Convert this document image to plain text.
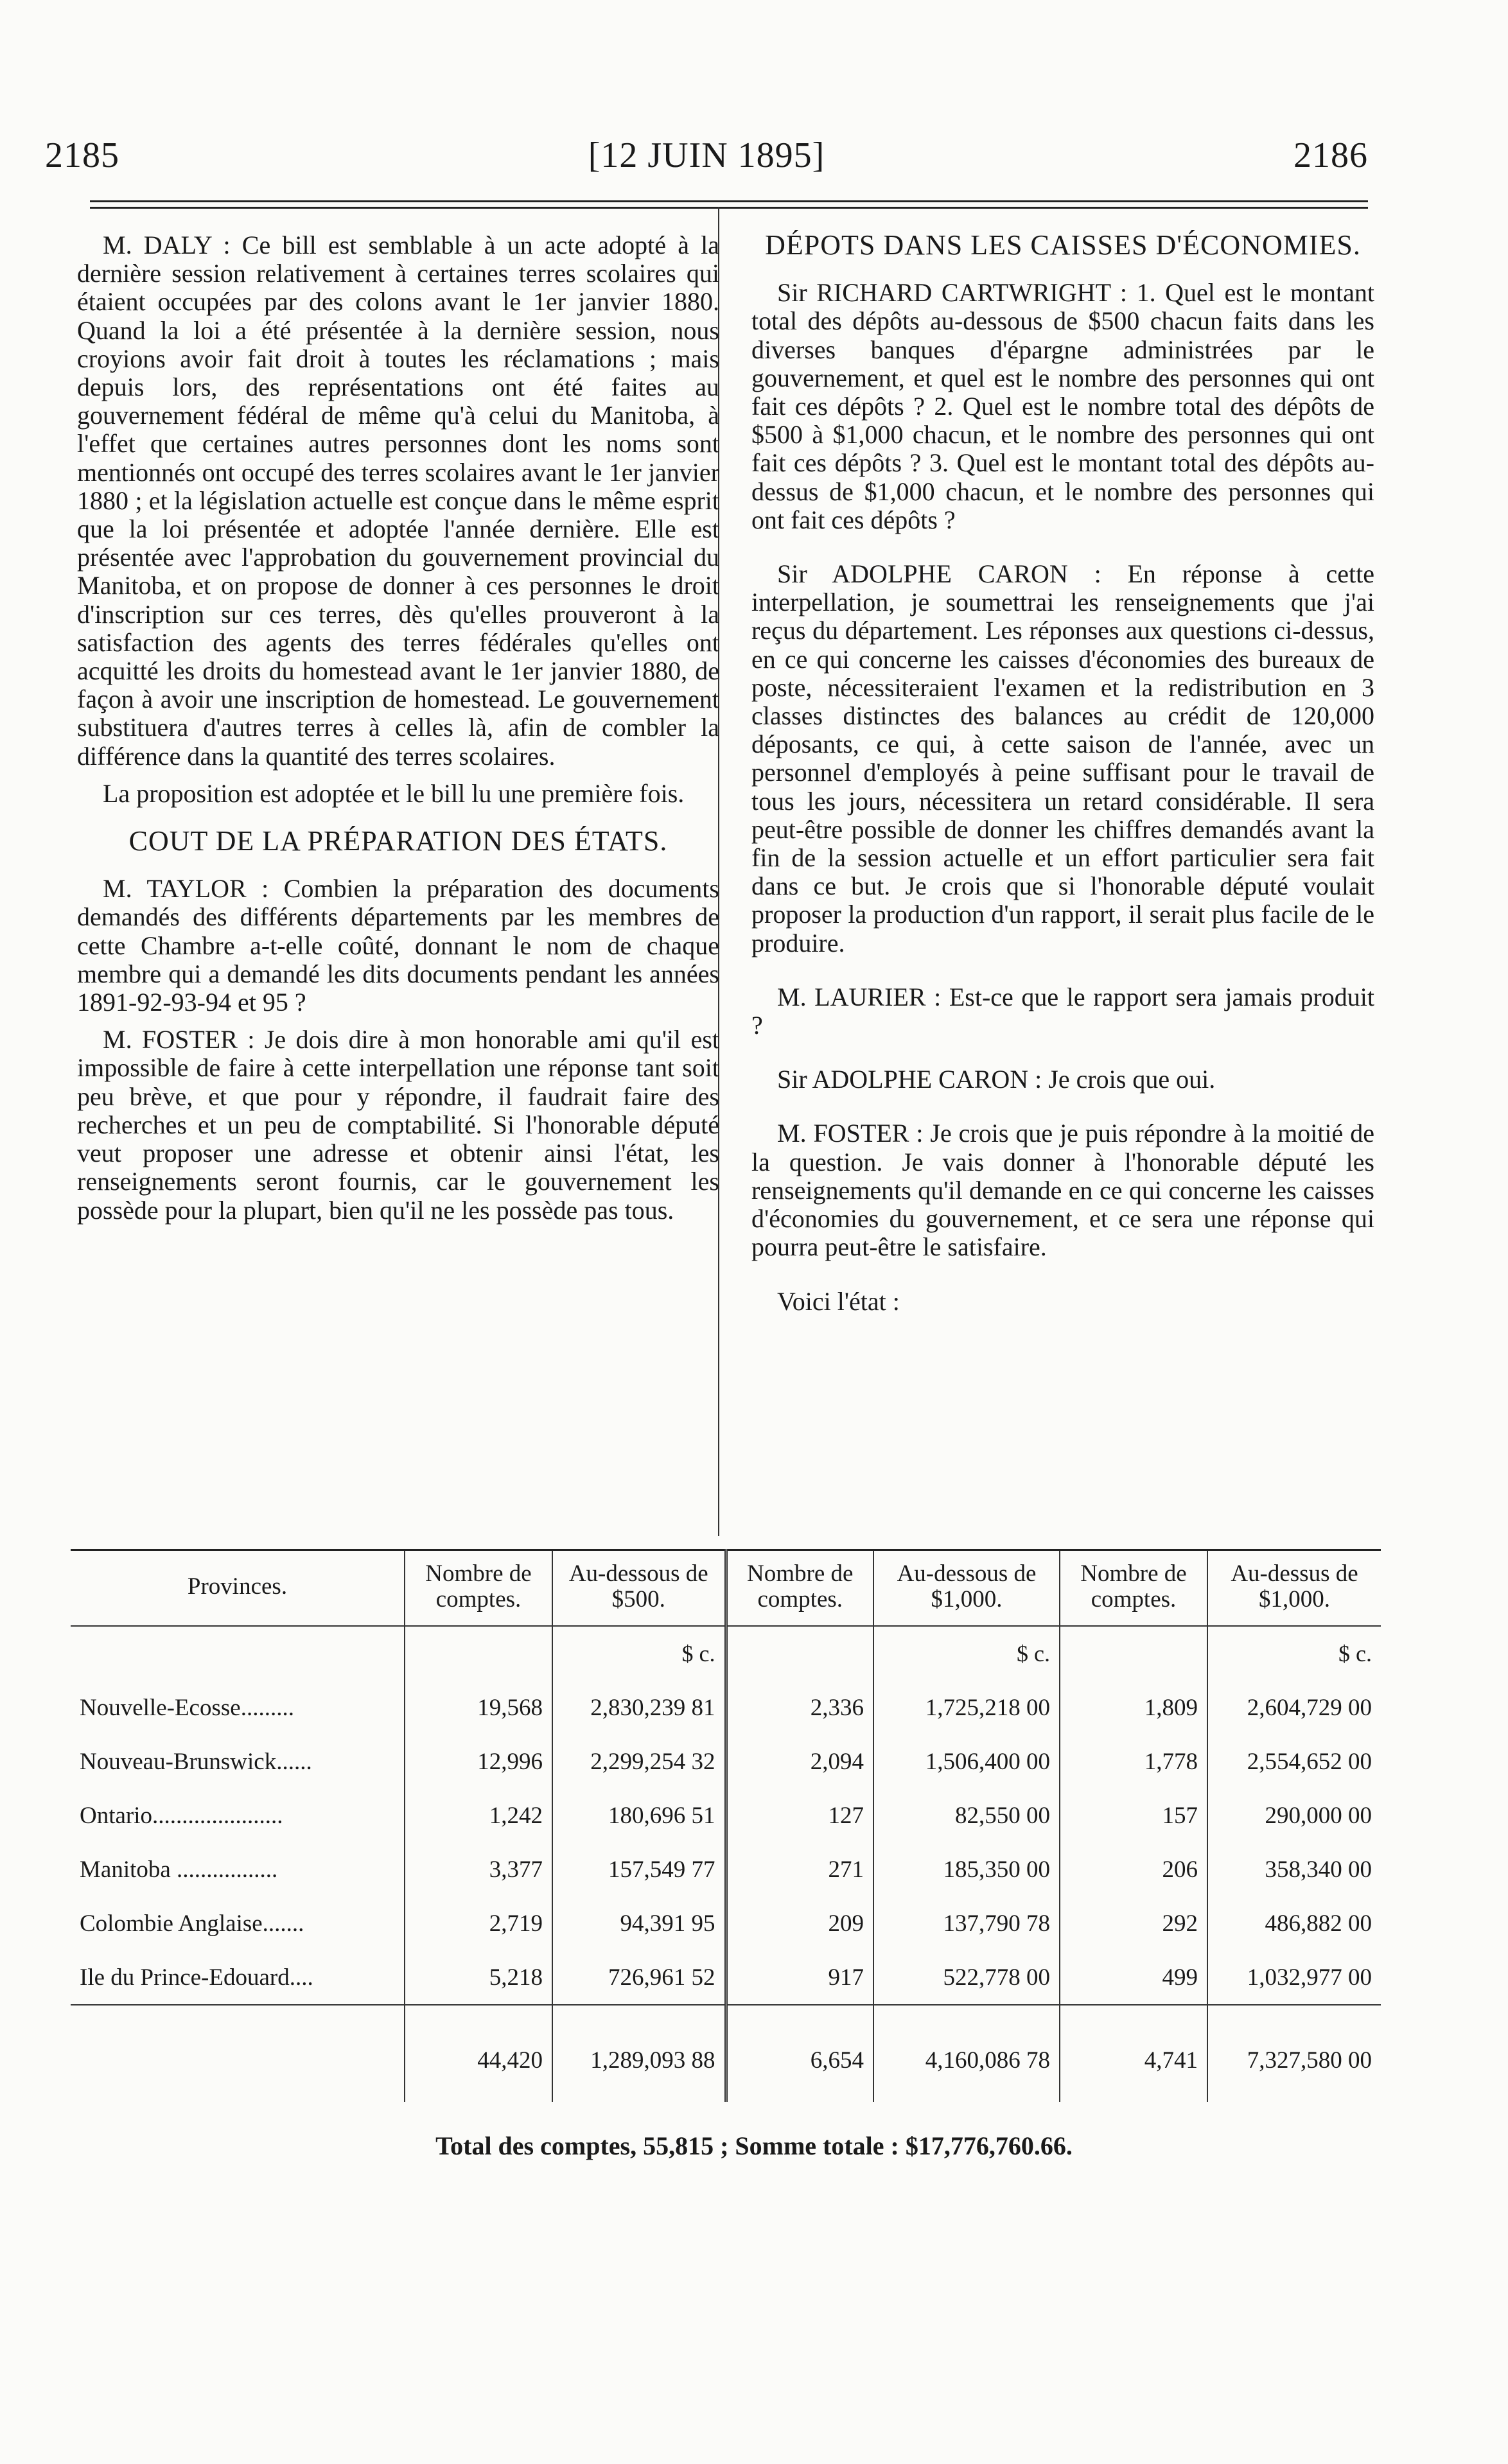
2185	[12 JUIN 1895]	2186

M. DALY : Ce bill est semblable à un acte adopté à la dernière session relativement à certaines terres scolaires qui étaient occupées par des colons avant le 1er janvier 1880. Quand la loi a été présentée à la dernière session, nous croyions avoir fait droit à toutes les réclamations ; mais depuis lors, des représentations ont été faites au gouvernement fédéral de même qu'à celui du Manitoba, à l'effet que certaines autres personnes dont les noms sont mentionnés ont occupé des terres scolaires avant le 1er janvier 1880 ; et la législation actuelle est conçue dans le même esprit que la loi présentée et adoptée l'année dernière. Elle est présentée avec l'approbation du gouvernement provincial du Manitoba, et on propose de donner à ces personnes le droit d'inscription sur ces terres, dès qu'elles prouveront à la satisfaction des agents des terres fédérales qu'elles ont acquitté les droits du homestead avant le 1er janvier 1880, de façon à avoir une inscription de homestead. Le gouvernement substituera d'autres terres à celles là, afin de combler la différence dans la quantité des terres scolaires.

La proposition est adoptée et le bill lu une première fois.

COUT DE LA PRÉPARATION DES ÉTATS.

M. TAYLOR : Combien la préparation des documents demandés des différents départements par les membres de cette Chambre a-t-elle coûté, donnant le nom de chaque membre qui a demandé les dits documents pendant les années 1891-92-93-94 et 95 ?

M. FOSTER : Je dois dire à mon honorable ami qu'il est impossible de faire à cette interpellation une réponse tant soit peu brève, et que pour y répondre, il faudrait faire des recherches et un peu de comptabilité. Si l'honorable député veut proposer une adresse et obtenir ainsi l'état, les renseignements seront fournis, car le gouvernement les possède pour la plupart, bien qu'il ne les possède pas tous.

DÉPOTS DANS LES CAISSES D'ÉCONOMIES.

Sir RICHARD CARTWRIGHT : 1. Quel est le montant total des dépôts au-dessous de $500 chacun faits dans les diverses banques d'épargne administrées par le gouvernement, et quel est le nombre des personnes qui ont fait ces dépôts ? 2. Quel est le nombre total des dépôts de $500 à $1,000 chacun, et le nombre des personnes qui ont fait ces dépôts ? 3. Quel est le montant total des dépôts au-dessus de $1,000 chacun, et le nombre des personnes qui ont fait ces dépôts ?

Sir ADOLPHE CARON : En réponse à cette interpellation, je soumettrai les renseignements que j'ai reçus du département. Les réponses aux questions ci-dessus, en ce qui concerne les caisses d'économies des bureaux de poste, nécessiteraient l'examen et la redistribution en 3 classes distinctes des balances au crédit de 120,000 déposants, ce qui, à cette saison de l'année, avec un personnel d'employés à peine suffisant pour le travail de tous les jours, nécessitera un retard considérable. Il sera peut-être possible de donner les chiffres demandés avant la fin de la session actuelle et un effort particulier sera fait dans ce but. Je crois que si l'honorable député voulait proposer la production d'un rapport, il serait plus facile de le produire.

M. LAURIER : Est-ce que le rapport sera jamais produit ?

Sir ADOLPHE CARON : Je crois que oui.

M. FOSTER : Je crois que je puis répondre à la moitié de la question. Je vais donner à l'honorable député les renseignements qu'il demande en ce qui concerne les caisses d'économies du gouvernement, et ce sera une réponse qui pourra peut-être le satisfaire.

Voici l'état :

Provinces.	Nombre de comptes.	Au-dessous de $500.	Nombre de comptes.	Au-dessous de $1,000.	Nombre de comptes.	Au-dessus de $1,000.
		$ c.		$ c.		$ c.
Nouvelle-Ecosse.........	19,568	2,830,239 81	2,336	1,725,218 00	1,809	2,604,729 00
Nouveau-Brunswick......	12,996	2,299,254 32	2,094	1,506,400 00	1,778	2,554,652 00
Ontario......................	1,242	180,696 51	127	82,550 00	157	290,000 00
Manitoba .................	3,377	157,549 77	271	185,350 00	206	358,340 00
Colombie Anglaise.......	2,719	94,391 95	209	137,790 78	292	486,882 00
Ile du Prince-Edouard....	5,218	726,961 52	917	522,778 00	499	1,032,977 00
	44,420	1,289,093 88	6,654	4,160,086 78	4,741	7,327,580 00
Total des comptes, 55,815 ; Somme totale : $17,776,760.66.
